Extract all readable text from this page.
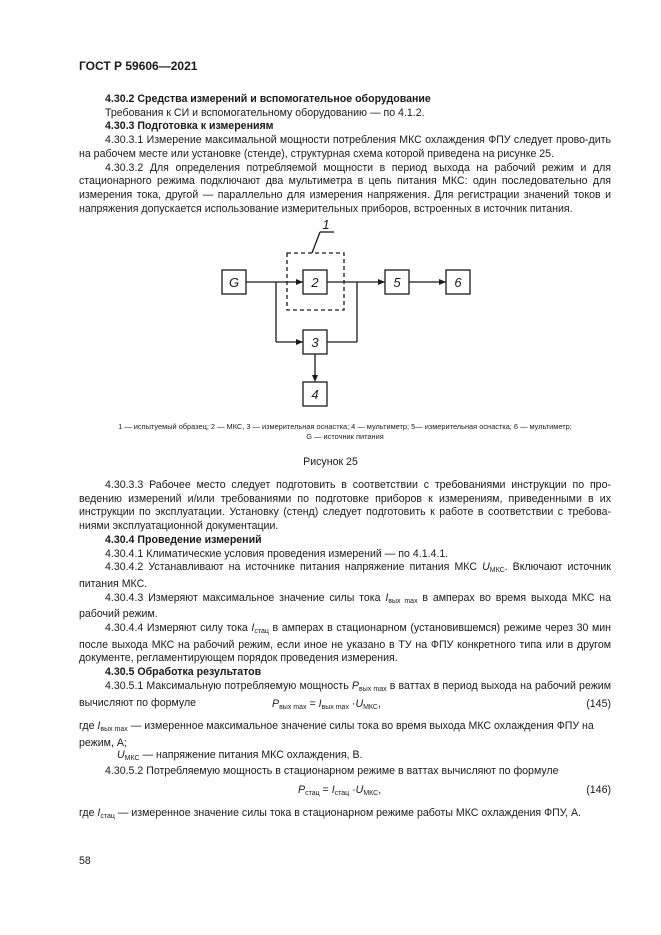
ГОСТ Р 59606—2021

4.30.2 Средства измерений и вспомогательное оборудование

Требования к СИ и вспомогательному оборудованию — по 4.1.2.

4.30.3 Подготовка к измерениям

4.30.3.1 Измерение максимальной мощности потребления МКС охлаждения ФПУ следует прово-дить на рабочем месте или установке (стенде), структурная схема которой приведена на рисунке 25.

4.30.3.2 Для определения потребляемой мощности в период выхода на рабочий режим и для стационарного режима подключают два мультиметра в цепь питания МКС: один последовательно для измерения тока, другой — параллельно для измерения напряжения. Для регистрации значений токов и напряжения допускается использование измерительных приборов, встроенных в источник питания.

G	2	5	6
3
4
1
1 — испытуемый образец; 2 — МКС, 3 — измерительная оснастка; 4 — мультиметр; 5— измерительная оснастка; 6 — мультиметр;
G — источник питания
Рисунок 25

4.30.3.3 Рабочее место следует подготовить в соответствии с требованиями инструкции по про-ведению измерений и/или требованиями по подготовке приборов к измерениям, приведенными в их инструкции по эксплуатации. Установку (стенд) следует подготовить к работе в соответствии с требова-ниями эксплуатационной документации.

4.30.4 Проведение измерений

4.30.4.1 Климатические условия проведения измерений — по 4.1.4.1.

4.30.4.2 Устанавливают на источнике питания напряжение питания МКС $U_{МКС}$. Включают источник питания МКС.

4.30.4.3 Измеряют максимальное значение силы тока $I_{вых max}$ в амперах во время выхода МКС на рабочий режим.

4.30.4.4 Измеряют силу тока $I_{стац}$ в амперах в стационарном (установившемся) режиме через 30 мин после выхода МКС на рабочий режим, если иное не указано в ТУ на ФПУ конкретного типа или в другом документе, регламентирующем порядок проведения измерения.

4.30.5 Обработка результатов

4.30.5.1 Максимальную потребляемую мощность $P_{вых max}$ в ваттах в период выхода на рабочий режим вычисляют по формуле	$P_{вых max} = I_{вых max} \cdot U_{МКС}$,	(145)
где $I_{вых max}$ — измеренное максимальное значение силы тока во время выхода МКС охлаждения ФПУ на режим, А;
$U_{МКС}$ — напряжение питания МКС охлаждения, В.

4.30.5.2 Потребляемую мощность в стационарном режиме в ваттах вычисляют по формуле

$P_{стац} = I_{стац} \cdot U_{МКС}$,	(146)
где $I_{стац}$ — измеренное значение силы тока в стационарном режиме работы МКС охлаждения ФПУ, А.
58
